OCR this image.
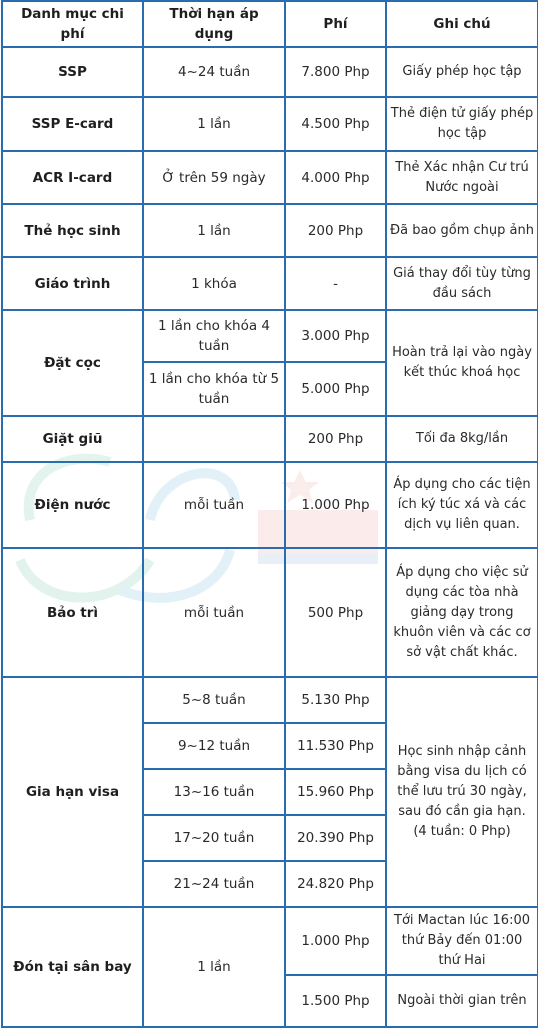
Danh mục chi phí	Thời hạn áp dụng	Phí	Ghi chú
SSP	4~24 tuần	7.800 Php	Giấy phép học tập
SSP E-card	1 lần	4.500 Php	Thẻ điện tử giấy phép học tập
ACR I-card	Ở trên 59 ngày	4.000 Php	Thẻ Xác nhận Cư trú Nước ngoài
Thẻ học sinh	1 lần	200 Php	Đã bao gồm chụp ảnh
Giáo trình	1 khóa	-	Giá thay đổi tùy từng đầu sách
Đặt cọc	1 lần cho khóa 4 tuần	3.000 Php	Hoàn trả lại vào ngày kết thúc khoá học
	1 lần cho khóa từ 5 tuần	5.000 Php	
Giặt giũ		200 Php	Tối đa 8kg/lần
Điện nước	mỗi tuần	1.000 Php	Áp dụng cho các tiện ích ký túc xá và các dịch vụ liên quan.
Bảo trì	mỗi tuần	500 Php	Áp dụng cho việc sử dụng các tòa nhà giảng dạy trong khuôn viên và các cơ sở vật chất khác.
Gia hạn visa	5~8 tuần	5.130 Php	Học sinh nhập cảnh bằng visa du lịch có thể lưu trú 30 ngày, sau đó cần gia hạn. (4 tuần: 0 Php)
	9~12 tuần	11.530 Php	
	13~16 tuần	15.960 Php	
	17~20 tuần	20.390 Php	
	21~24 tuần	24.820 Php	
Đón tại sân bay	1 lần	1.000 Php	Tới Mactan lúc 16:00 thứ Bảy đến 01:00 thứ Hai
		1.500 Php	Ngoài thời gian trên
